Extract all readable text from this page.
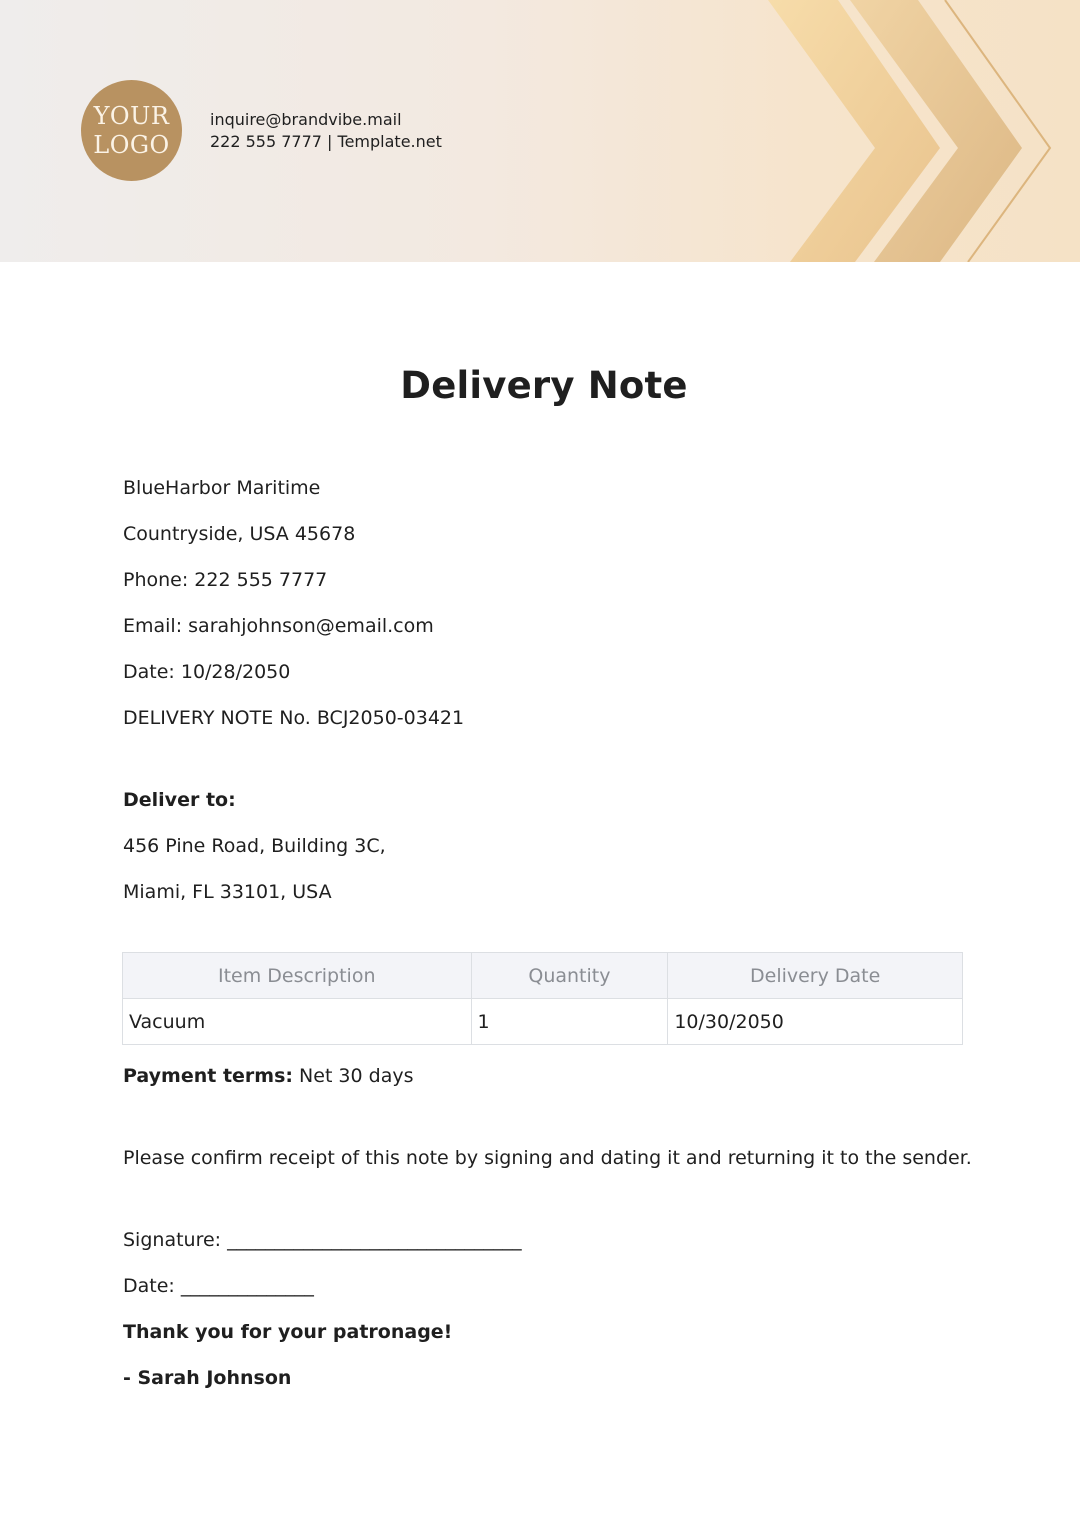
YOUR
LOGO
inquire@brandvibe.mail
222 555 7777 | Template.net
Delivery Note
BlueHarbor Maritime
Countryside, USA 45678
Phone: 222 555 7777
Email: sarahjohnson@email.com
Date: 10/28/2050
DELIVERY NOTE No. BCJ2050-03421
Deliver to:
456 Pine Road, Building 3C,
Miami, FL 33101, USA
Item Description	Quantity	Delivery Date
Vacuum	1	10/30/2050
Payment terms: Net 30 days
Please confirm receipt of this note by signing and dating it and returning it to the sender.
Signature: _______________________________
Date: ______________
Thank you for your patronage!
- Sarah Johnson
